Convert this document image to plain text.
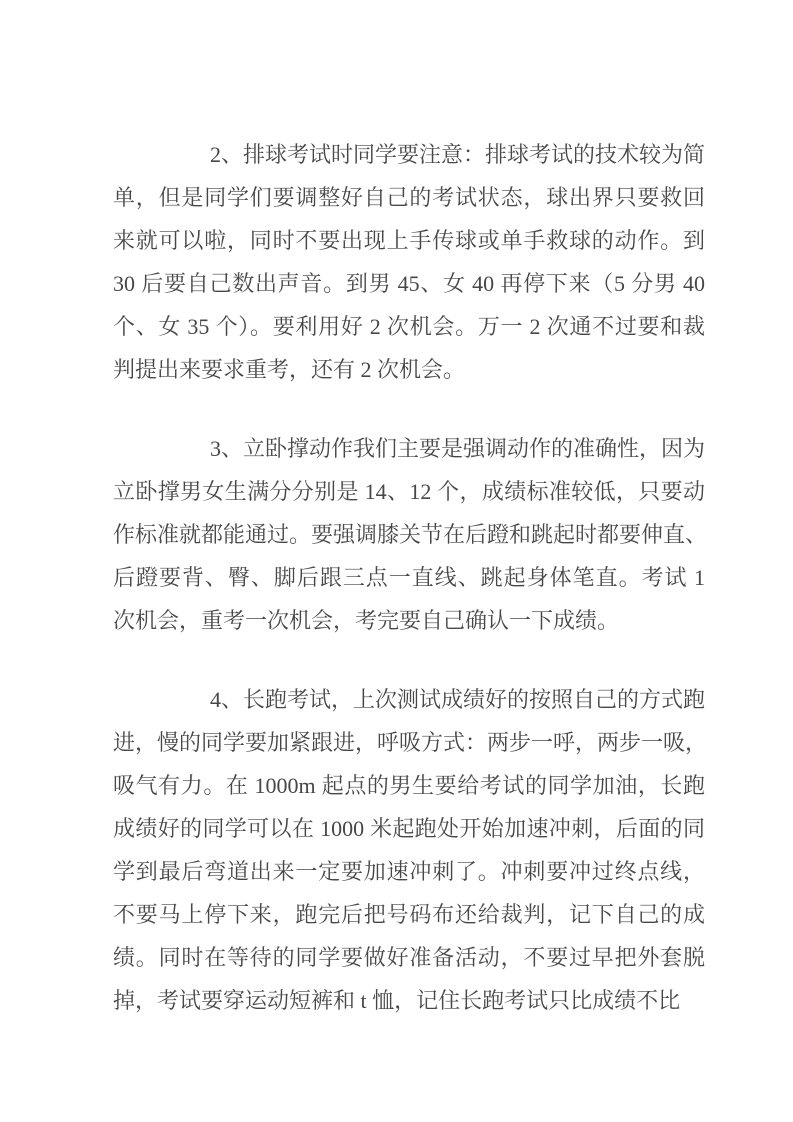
2、排球考试时同学要注意：排球考试的技术较为简
单，但是同学们要调整好自己的考试状态，球出界只要救回
来就可以啦，同时不要出现上手传球或单手救球的动作。到
30 后要自己数出声音。到男 45、女 40 再停下来（5 分男 40
个、女 35 个）。要利用好 2 次机会。万一 2 次通不过要和裁
判提出来要求重考，还有 2 次机会。
3、立卧撑动作我们主要是强调动作的准确性，因为
立卧撑男女生满分分别是 14、12 个，成绩标准较低，只要动
作标准就都能通过。要强调膝关节在后蹬和跳起时都要伸直、
后蹬要背、臀、脚后跟三点一直线、跳起身体笔直。考试 1
次机会，重考一次机会，考完要自己确认一下成绩。
4、长跑考试，上次测试成绩好的按照自己的方式跑
进，慢的同学要加紧跟进，呼吸方式：两步一呼，两步一吸，
吸气有力。在 1000m 起点的男生要给考试的同学加油，长跑
成绩好的同学可以在 1000 米起跑处开始加速冲刺，后面的同
学到最后弯道出来一定要加速冲刺了。冲刺要冲过终点线，
不要马上停下来，跑完后把号码布还给裁判，记下自己的成
绩。同时在等待的同学要做好准备活动，不要过早把外套脱
掉，考试要穿运动短裤和 t 恤，记住长跑考试只比成绩不比
